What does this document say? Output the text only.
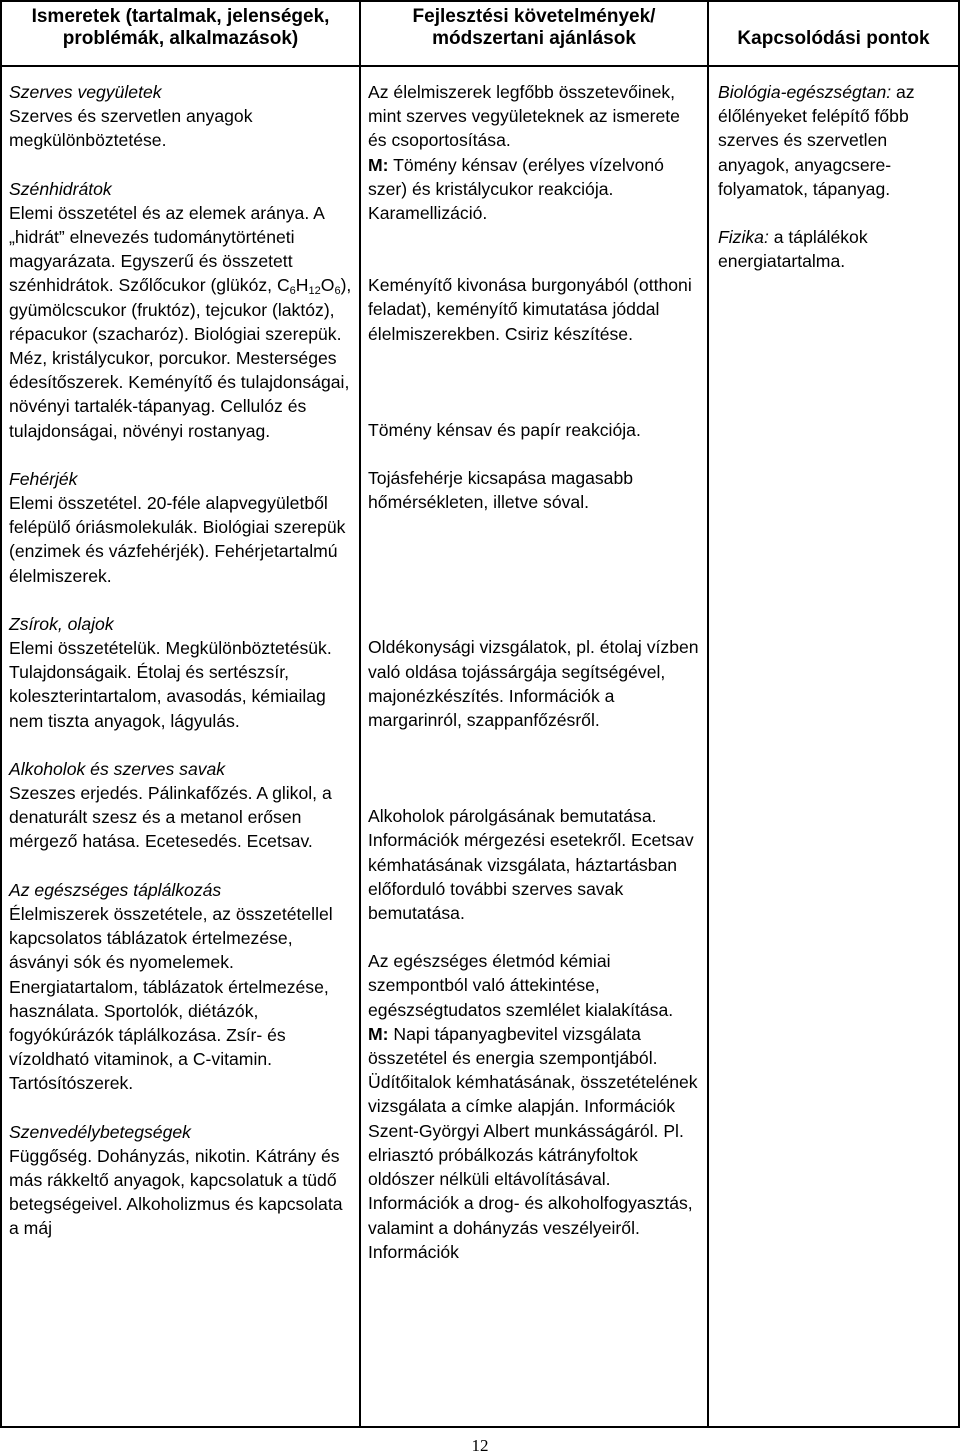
Ismeretek (tartalmak, jelenségek, problémák, alkalmazások)
Fejlesztési követelmények/ módszertani ajánlások	Kapcsolódási pontok

Szerves vegyületek

Szerves és szervetlen anyagok megkülönböztetése.

Szénhidrátok

Elemi összetétel és az elemek aránya. A „hidrát” elnevezés tudománytörténeti magyarázata. Egyszerű és összetett szénhidrátok. Szőlőcukor (glükóz, $C_6H_{12}O_6$), gyümölcscukor (fruktóz), tejcukor (laktóz), répacukor (szacharóz). Biológiai szerepük. Méz, kristálycukor, porcukor. Mesterséges édesítőszerek. Keményítő és tulajdonságai, növényi tartalék-tápanyag. Cellulóz és tulajdonságai, növényi rostanyag.

Fehérjék

Elemi összetétel. 20-féle alapvegyületből felépülő óriásmolekulák. Biológiai szerepük (enzimek és vázfehérjék). Fehérjetartalmú élelmiszerek.

Zsírok, olajok

Elemi összetételük. Megkülönböztetésük. Tulajdonságaik. Étolaj és sertészsír, koleszterintartalom, avasodás, kémiailag nem tiszta anyagok, lágyulás.

Alkoholok és szerves savak

Szeszes erjedés. Pálinkafőzés. A glikol, a denaturált szesz és a metanol erősen mérgező hatása. Ecetesedés. Ecetsav.

Az egészséges táplálkozás

Élelmiszerek összetétele, az összetétellel kapcsolatos táblázatok értelmezése, ásványi sók és nyomelemek. Energiatartalom, táblázatok értelmezése, használata. Sportolók, diétázók, fogyókúrázók táplálkozása. Zsír- és vízoldható vitaminok, a C-vitamin. Tartósítószerek.

Szenvedélybetegségek

Függőség. Dohányzás, nikotin. Kátrány és más rákkeltő anyagok, kapcsolatuk a tüdő betegségeivel. Alkoholizmus és kapcsolata a máj

Az élelmiszerek legfőbb összetevőinek, mint szerves vegyületeknek az ismerete és csoportosítása.

M: Tömény kénsav (erélyes vízelvonó szer) és kristálycukor reakciója. Karamellizáció.

Keményítő kivonása burgonyából (otthoni feladat), keményítő kimutatása jóddal élelmiszerekben. Csiriz készítése.

Tömény kénsav és papír reakciója.

Tojásfehérje kicsapása magasabb hőmérsékleten, illetve sóval.

Oldékonysági vizsgálatok, pl. étolaj vízben való oldása tojássárgája segítségével, majonézkészítés. Információk a margarinról, szappanfőzésről.

Alkoholok párolgásának bemutatása. Információk mérgezési esetekről. Ecetsav kémhatásának vizsgálata, háztartásban előforduló további szerves savak bemutatása.

Az egészséges életmód kémiai szempontból való áttekintése, egészségtudatos szemlélet kialakítása.

M: Napi tápanyagbevitel vizsgálata összetétel és energia szempontjából. Üdítőitalok kémhatásának, összetételének vizsgálata a címke alapján. Információk Szent-Györgyi Albert munkásságáról. Pl. elriasztó próbálkozás kátrányfoltok oldószer nélküli eltávolításával. Információk a drog- és alkoholfogyasztás, valamint a dohányzás veszélyeiről. Információk

Biológia-egészségtan: az élőlényeket felépítő főbb szerves és szervetlen anyagok, anyagcsere-folyamatok, tápanyag.

Fizika: a táplálékok energiatartalma.

12
